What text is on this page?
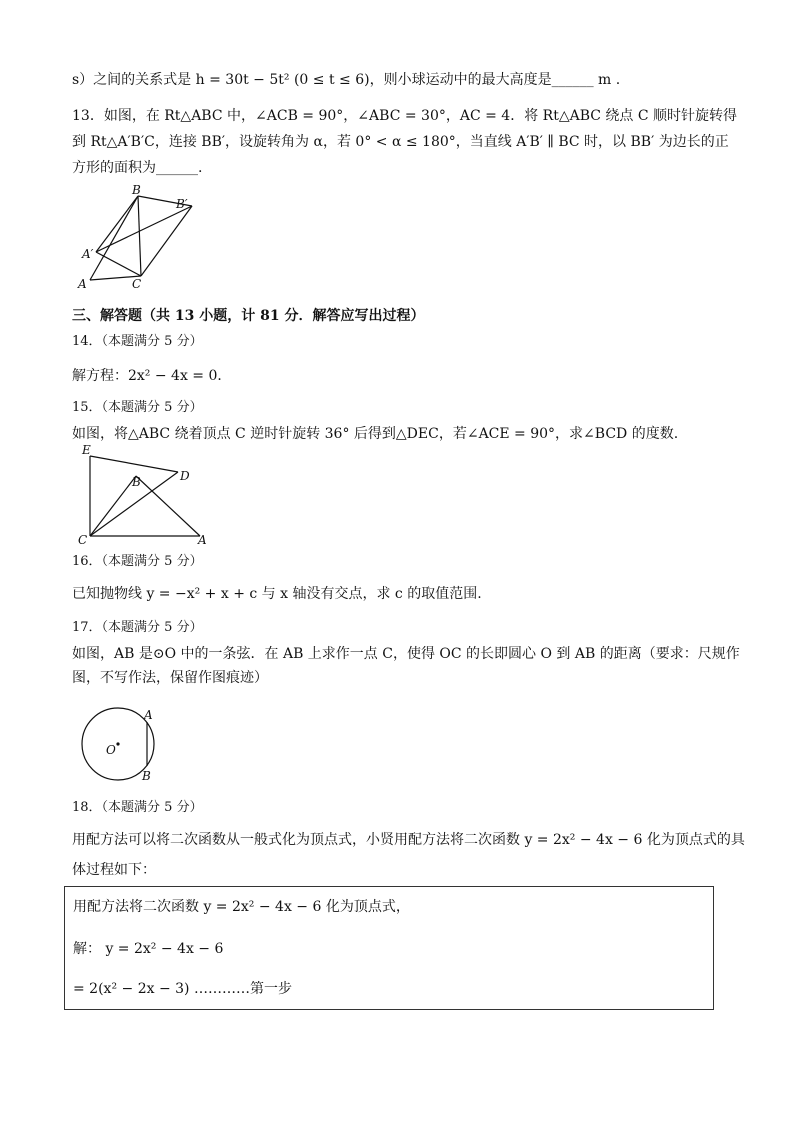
s）之间的关系式是 h = 30t − 5t² (0 ≤ t ≤ 6)，则小球运动中的最大高度是______ m .
13．如图，在 Rt△ABC 中，∠ACB = 90°，∠ABC = 30°，AC = 4．将 Rt△ABC 绕点 C 顺时针旋转得
到 Rt△A′B′C，连接 BB′，设旋转角为 α，若 0° < α ≤ 180°，当直线 A′B′ ∥ BC 时，以 BB′ 为边长的正
方形的面积为______.
B
B′
A′
A	C
三、解答题（共 13 小题，计 81 分．解答应写出过程）
14．（本题满分 5 分）
解方程：2x² − 4x = 0．
15．（本题满分 5 分）
如图，将△ABC 绕着顶点 C 逆时针旋转 36° 后得到△DEC，若∠ACE = 90°，求∠BCD 的度数.
E
D
B
C	A
16．（本题满分 5 分）
已知抛物线 y = −x² + x + c 与 x 轴没有交点，求 c 的取值范围.
17．（本题满分 5 分）
如图，AB 是⊙O 中的一条弦．在 AB 上求作一点 C，使得 OC 的长即圆心 O 到 AB 的距离（要求：尺规作
图，不写作法，保留作图痕迹）
A
O
B
18．（本题满分 5 分）
用配方法可以将二次函数从一般式化为顶点式，小贤用配方法将二次函数 y = 2x² − 4x − 6 化为顶点式的具
体过程如下：
用配方法将二次函数 y = 2x² − 4x − 6 化为顶点式，
解： y = 2x² − 4x − 6
= 2(x² − 2x − 3) …………第一步
